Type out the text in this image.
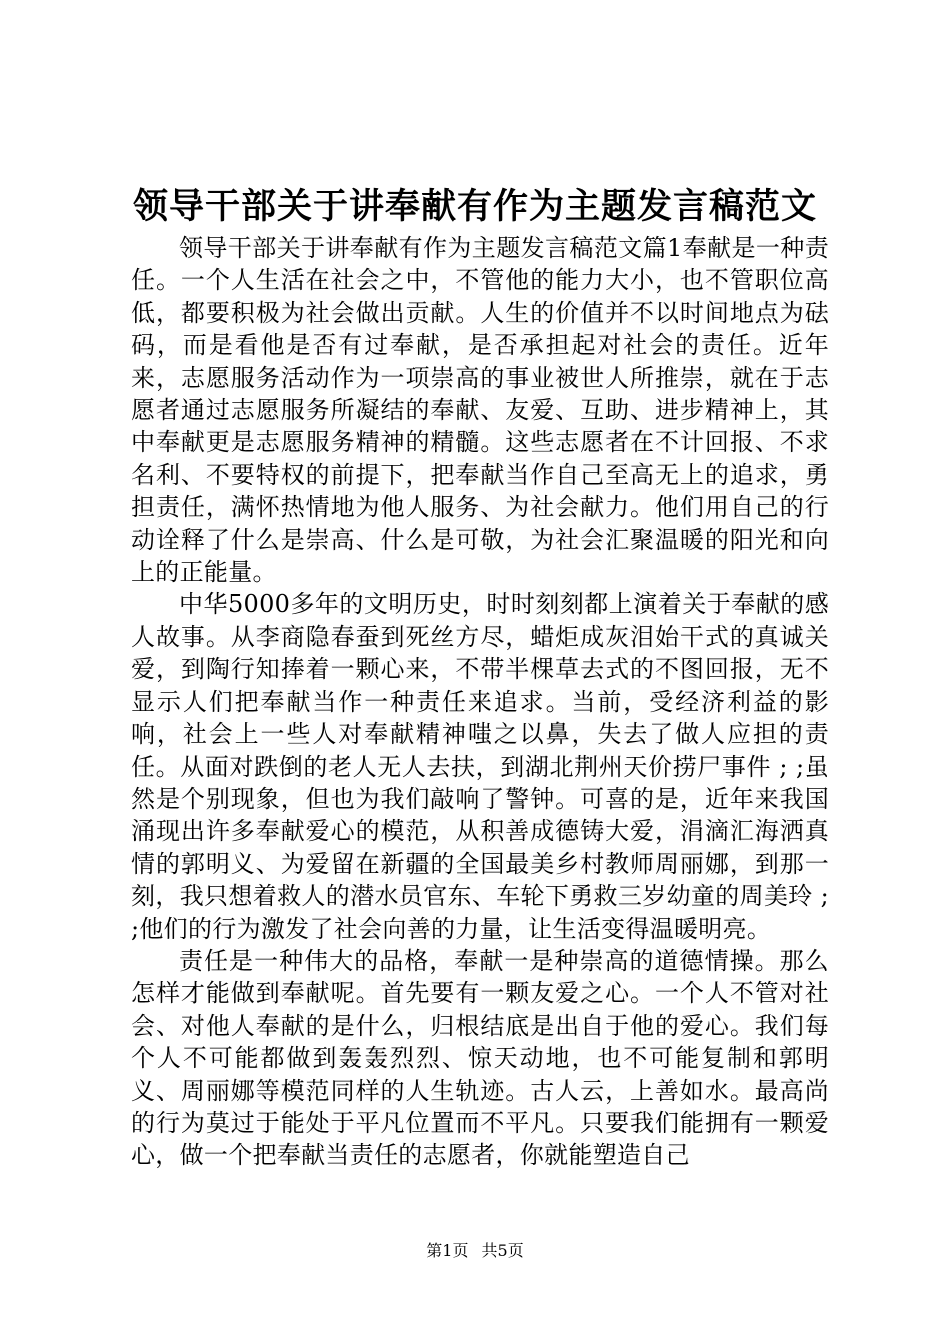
领导干部关于讲奉献有作为主题发言稿范文

领导干部关于讲奉献有作为主题发言稿范文篇1奉献是一种责任。一个人生活在社会之中，不管他的能力大小，也不管职位高低，都要积极为社会做出贡献。人生的价值并不以时间地点为砝码，而是看他是否有过奉献，是否承担起对社会的责任。近年来，志愿服务活动作为一项崇高的事业被世人所推崇，就在于志愿者通过志愿服务所凝结的奉献、友爱、互助、进步精神上，其中奉献更是志愿服务精神的精髓。这些志愿者在不计回报、不求名利、不要特权的前提下，把奉献当作自己至高无上的追求，勇担责任，满怀热情地为他人服务、为社会献力。他们用自己的行动诠释了什么是崇高、什么是可敬，为社会汇聚温暖的阳光和向上的正能量。

中华5000多年的文明历史，时时刻刻都上演着关于奉献的感人故事。从李商隐春蚕到死丝方尽，蜡炬成灰泪始干式的真诚关爱，到陶行知捧着一颗心来，不带半棵草去式的不图回报，无不显示人们把奉献当作一种责任来追求。当前，受经济利益的影响，社会上一些人对奉献精神嗤之以鼻，失去了做人应担的责任。从面对跌倒的老人无人去扶，到湖北荆州天价捞尸事件 ; ;虽然是个别现象，但也为我们敲响了警钟。可喜的是，近年来我国涌现出许多奉献爱心的模范，从积善成德铸大爱，涓滴汇海洒真情的郭明义、为爱留在新疆的全国最美乡村教师周丽娜，到那一刻，我只想着救人的潜水员官东、车轮下勇救三岁幼童的周美玲 ; ;他们的行为激发了社会向善的力量，让生活变得温暖明亮。

责任是一种伟大的品格，奉献一是种崇高的道德情操。那么怎样才能做到奉献呢。首先要有一颗友爱之心。一个人不管对社会、对他人奉献的是什么，归根结底是出自于他的爱心。我们每个人不可能都做到轰轰烈烈、惊天动地，也不可能复制和郭明义、周丽娜等模范同样的人生轨迹。古人云，上善如水。最高尚的行为莫过于能处于平凡位置而不平凡。只要我们能拥有一颗爱心，做一个把奉献当责任的志愿者，你就能塑造自己

第1页 共5页
